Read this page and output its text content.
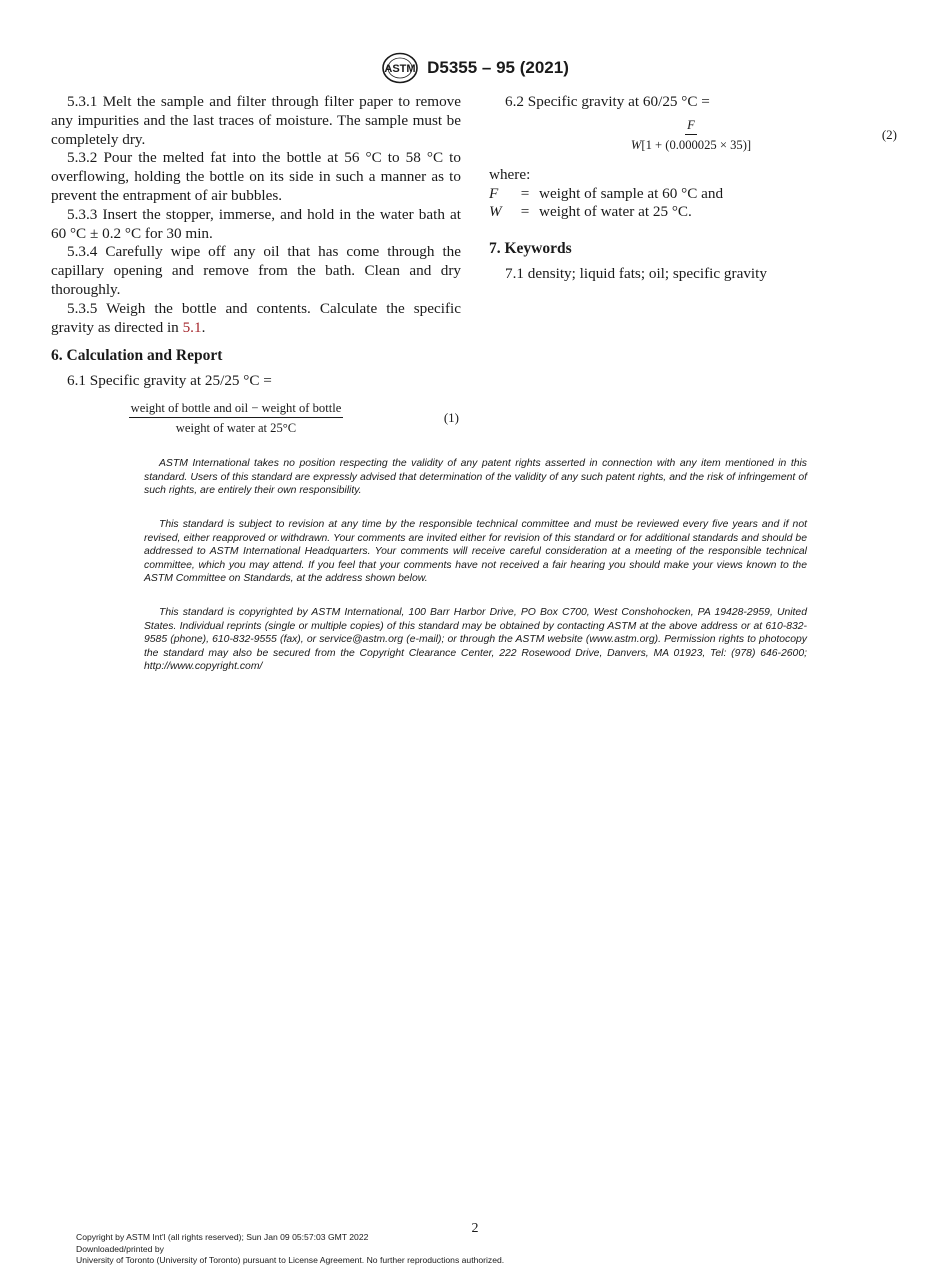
ASTM D5355 – 95 (2021)

5.3.1 Melt the sample and filter through filter paper to remove any impurities and the last traces of moisture. The sample must be completely dry.

5.3.2 Pour the melted fat into the bottle at 56 °C to 58 °C to overflowing, holding the bottle on its side in such a manner as to prevent the entrapment of air bubbles.

5.3.3 Insert the stopper, immerse, and hold in the water bath at 60 °C ± 0.2 °C for 30 min.

5.3.4 Carefully wipe off any oil that has come through the capillary opening and remove from the bath. Clean and dry thoroughly.

5.3.5 Weigh the bottle and contents. Calculate the specific gravity as directed in 5.1.

6. Calculation and Report

6.1 Specific gravity at 25/25 °C =

$\frac{\text{weight of bottle and oil − weight of bottle}}{\text{weight of water at 25°C}}$	(1)

6.2 Specific gravity at 60/25 °C =

$\frac{F}{W[1 + (0.000025 \times 35)]}$	(2)
where:
F	= weight of sample at 60 °C and
W	= weight of water at 25 °C.
7. Keywords

7.1 density; liquid fats; oil; specific gravity

ASTM International takes no position respecting the validity of any patent rights asserted in connection with any item mentioned in this standard. Users of this standard are expressly advised that determination of the validity of any such patent rights, and the risk of infringement of such rights, are entirely their own responsibility.

This standard is subject to revision at any time by the responsible technical committee and must be reviewed every five years and if not revised, either reapproved or withdrawn. Your comments are invited either for revision of this standard or for additional standards and should be addressed to ASTM International Headquarters. Your comments will receive careful consideration at a meeting of the responsible technical committee, which you may attend. If you feel that your comments have not received a fair hearing you should make your views known to the ASTM Committee on Standards, at the address shown below.

This standard is copyrighted by ASTM International, 100 Barr Harbor Drive, PO Box C700, West Conshohocken, PA 19428-2959, United States. Individual reprints (single or multiple copies) of this standard may be obtained by contacting ASTM at the above address or at 610-832-9585 (phone), 610-832-9555 (fax), or service@astm.org (e-mail); or through the ASTM website (www.astm.org). Permission rights to photocopy the standard may also be secured from the Copyright Clearance Center, 222 Rosewood Drive, Danvers, MA 01923, Tel: (978) 646-2600; http://www.copyright.com/

2
Copyright by ASTM Int'l (all rights reserved); Sun Jan 09 05:57:03 GMT 2022
Downloaded/printed by
University of Toronto (University of Toronto) pursuant to License Agreement. No further reproductions authorized.
